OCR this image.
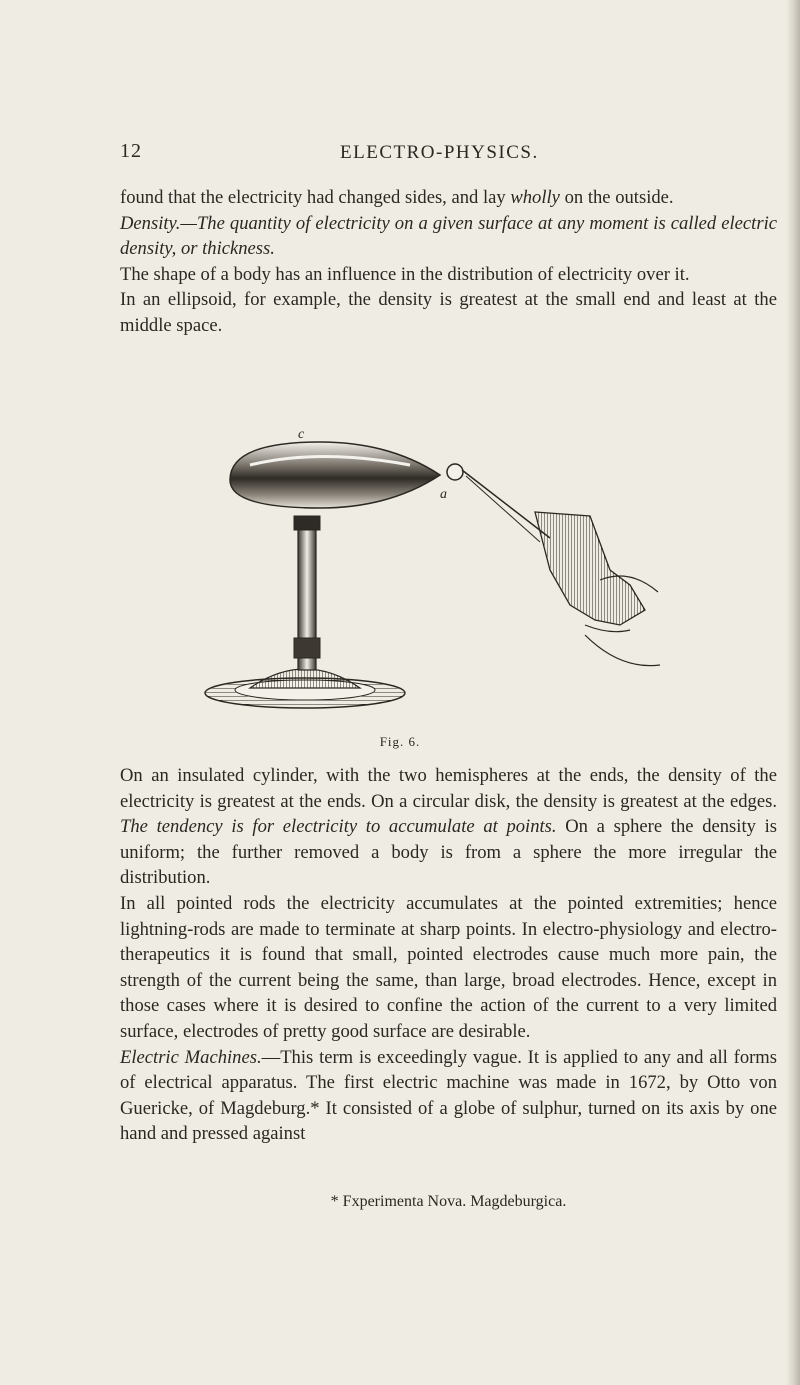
12	ELECTRO-PHYSICS.

found that the electricity had changed sides, and lay wholly on the outside.

Density.—The quantity of electricity on a given surface at any moment is called electric density, or thickness.

The shape of a body has an influence in the distribution of electricity over it.

In an ellipsoid, for example, the density is greatest at the small end and least at the middle space.

c
a
Fig. 6.

On an insulated cylinder, with the two hemispheres at the ends, the density of the electricity is greatest at the ends. On a circular disk, the density is greatest at the edges. The tendency is for electricity to accumulate at points. On a sphere the density is uniform; the further removed a body is from a sphere the more irregular the distribution.

In all pointed rods the electricity accumulates at the pointed extremities; hence lightning-rods are made to terminate at sharp points. In electro-physiology and electro-therapeutics it is found that small, pointed electrodes cause much more pain, the strength of the current being the same, than large, broad electrodes. Hence, except in those cases where it is desired to confine the action of the current to a very limited surface, electrodes of pretty good surface are desirable.

Electric Machines.—This term is exceedingly vague. It is applied to any and all forms of electrical apparatus. The first electric machine was made in 1672, by Otto von Guericke, of Magdeburg.* It consisted of a globe of sulphur, turned on its axis by one hand and pressed against

* Fxperimenta Nova. Magdeburgica.
